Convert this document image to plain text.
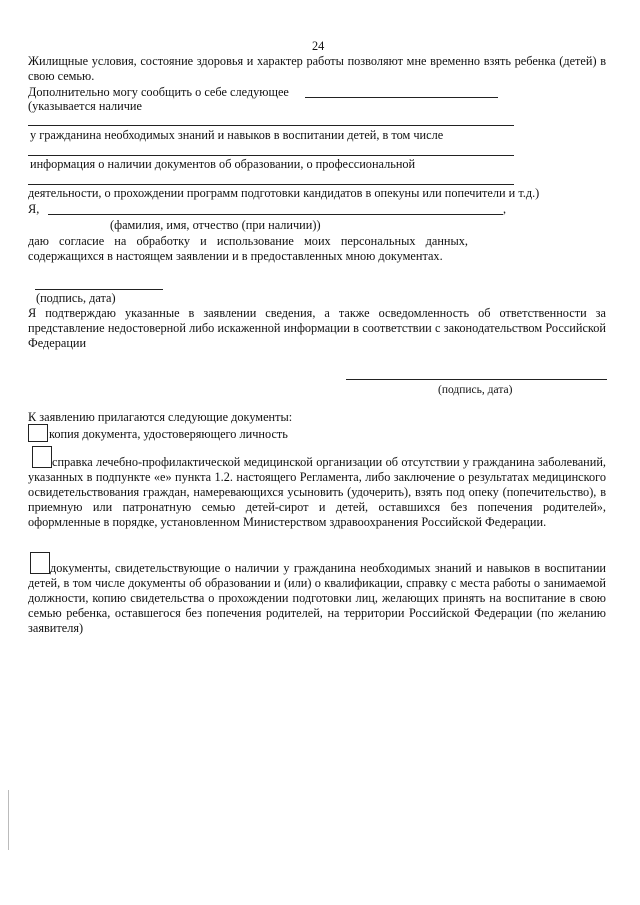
24
Жилищные условия, состояние здоровья и характер работы позволяют мне временно взять ребенка (детей) в свою семью.
Дополнительно могу сообщить о себе следующее
(указывается наличие
у гражданина необходимых знаний и навыков в воспитании детей, в том числе
информация о наличии документов об образовании, о профессиональной
деятельности, о прохождении программ подготовки кандидатов в опекуны или попечители и т.д.)
Я,	,
(фамилия, имя, отчество (при наличии))
даю согласие на обработку и использование моих персональных данных, содержащихся в настоящем заявлении и в предоставленных мною документах.
(подпись, дата)
Я подтверждаю указанные в заявлении сведения, а также осведомленность об ответственности за представление недостоверной либо искаженной информации в соответствии с законодательством Российской Федерации
(подпись, дата)
К заявлению прилагаются следующие документы:
копия документа, удостоверяющего личность
справка лечебно-профилактической медицинской организации об отсутствии у гражданина заболеваний, указанных в подпункте «е» пункта 1.2. настоящего Регламента, либо заключение о результатах медицинского освидетельствования граждан, намеревающихся усыновить (удочерить), взять под опеку (попечительство), в приемную или патронатную семью детей-сирот и детей, оставшихся без попечения родителей», оформленные в порядке, установленном Министерством здравоохранения Российской Федерации.
документы, свидетельствующие о наличии у гражданина необходимых знаний и навыков в воспитании детей, в том числе документы об образовании и (или) о квалификации, справку с места работы о занимаемой должности, копию свидетельства о прохождении подготовки лиц, желающих принять на воспитание в свою семью ребенка, оставшегося без попечения родителей, на территории Российской Федерации (по желанию заявителя)
